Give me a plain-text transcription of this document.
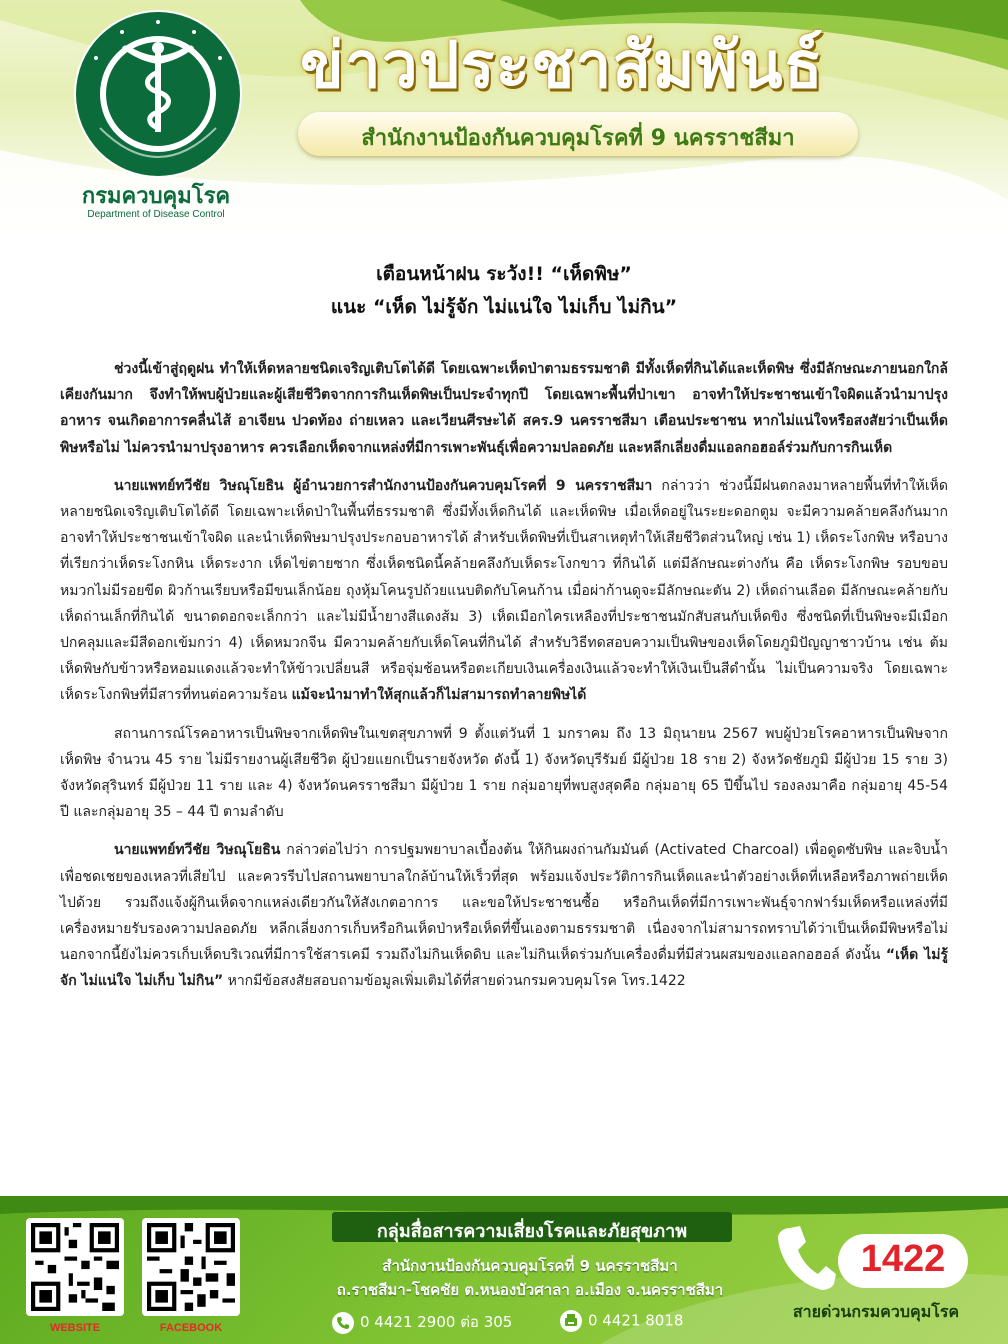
กรมควบคุมโรค
Department of Disease Control
ข่าวประชาสัมพันธ์
สำนักงานป้องกันควบคุมโรคที่ 9 นครราชสีมา
เตือนหน้าฝน ระวัง!! “เห็ดพิษ”
แนะ “เห็ด ไม่รู้จัก ไม่แน่ใจ ไม่เก็บ ไม่กิน”

ช่วงนี้เข้าสู่ฤดูฝน ทำให้เห็ดหลายชนิดเจริญเติบโตได้ดี โดยเฉพาะเห็ดป่าตามธรรมชาติ มีทั้งเห็ดที่กินได้และเห็ดพิษ ซึ่งมีลักษณะภายนอกใกล้เคียงกันมาก จึงทำให้พบผู้ป่วยและผู้เสียชีวิตจากการกินเห็ดพิษเป็นประจำทุกปี โดยเฉพาะพื้นที่ป่าเขา อาจทำให้ประชาชนเข้าใจผิดแล้วนำมาปรุงอาหาร จนเกิดอาการคลื่นไส้ อาเจียน ปวดท้อง ถ่ายเหลว และเวียนศีรษะได้ สคร.9 นครราชสีมา เตือนประชาชน หากไม่แน่ใจหรือสงสัยว่าเป็นเห็ดพิษหรือไม่ ไม่ควรนำมาปรุงอาหาร ควรเลือกเห็ดจากแหล่งที่มีการเพาะพันธุ์เพื่อความปลอดภัย และหลีกเลี่ยงดื่มแอลกอฮอล์ร่วมกับการกินเห็ด

นายแพทย์ทวีชัย วิษณุโยธิน ผู้อำนวยการสำนักงานป้องกันควบคุมโรคที่ 9 นครราชสีมา กล่าวว่า ช่วงนี้มีฝนตกลงมาหลายพื้นที่ทำให้เห็ดหลายชนิดเจริญเติบโตได้ดี โดยเฉพาะเห็ดป่าในพื้นที่ธรรมชาติ ซึ่งมีทั้งเห็ดกินได้ และเห็ดพิษ เมื่อเห็ดอยู่ในระยะดอกตูม จะมีความคล้ายคลึงกันมาก อาจทำให้ประชาชนเข้าใจผิด และนำเห็ดพิษมาปรุงประกอบอาหารได้ สำหรับเห็ดพิษที่เป็นสาเหตุทำให้เสียชีวิตส่วนใหญ่ เช่น 1) เห็ดระโงกพิษ หรือบางที่เรียกว่าเห็ดระโงกหิน เห็ดระงาก เห็ดไข่ตายซาก ซึ่งเห็ดชนิดนี้คล้ายคลึงกับเห็ดระโงกขาว ที่กินได้ แต่มีลักษณะต่างกัน คือ เห็ดระโงกพิษ รอบขอบหมวกไม่มีรอยขีด ผิวก้านเรียบหรือมีขนเล็กน้อย ถุงหุ้มโคนรูปถ้วยแนบติดกับโคนก้าน เมื่อผ่าก้านดูจะมีลักษณะตัน 2) เห็ดถ่านเลือด มีลักษณะคล้ายกับเห็ดถ่านเล็กที่กินได้ ขนาดดอกจะเล็กกว่า และไม่มีน้ำยางสีแดงส้ม 3) เห็ดเมือกไครเหลืองที่ประชาชนมักสับสนกับเห็ดขิง ซึ่งชนิดที่เป็นพิษจะมีเมือกปกคลุมและมีสีดอกเข้มกว่า 4) เห็ดหมวกจีน มีความคล้ายกับเห็ดโคนที่กินได้ สำหรับวิธีทดสอบความเป็นพิษของเห็ดโดยภูมิปัญญาชาวบ้าน เช่น ต้มเห็ดพิษกับข้าวหรือหอมแดงแล้วจะทำให้ข้าวเปลี่ยนสี หรือจุ่มช้อนหรือตะเกียบเงินเครื่องเงินแล้วจะทำให้เงินเป็นสีดำนั้น ไม่เป็นความจริง โดยเฉพาะเห็ดระโงกพิษที่มีสารที่ทนต่อความร้อน แม้จะนำมาทำให้สุกแล้วก็ไม่สามารถทำลายพิษได้

สถานการณ์โรคอาหารเป็นพิษจากเห็ดพิษในเขตสุขภาพที่ 9 ตั้งแต่วันที่ 1 มกราคม ถึง 13 มิถุนายน 2567 พบผู้ป่วยโรคอาหารเป็นพิษจากเห็ดพิษ จำนวน 45 ราย ไม่มีรายงานผู้เสียชีวิต ผู้ป่วยแยกเป็นรายจังหวัด ดังนี้ 1) จังหวัดบุรีรัมย์ มีผู้ป่วย 18 ราย 2) จังหวัดชัยภูมิ มีผู้ป่วย 15 ราย 3) จังหวัดสุรินทร์ มีผู้ป่วย 11 ราย และ 4) จังหวัดนครราชสีมา มีผู้ป่วย 1 ราย กลุ่มอายุที่พบสูงสุดคือ กลุ่มอายุ 65 ปีขึ้นไป รองลงมาคือ กลุ่มอายุ 45-54 ปี และกลุ่มอายุ 35 – 44 ปี ตามลำดับ

นายแพทย์ทวีชัย วิษณุโยธิน กล่าวต่อไปว่า การปฐมพยาบาลเบื้องต้น ให้กินผงถ่านกัมมันต์ (Activated Charcoal) เพื่อดูดซับพิษ และจิบน้ำเพื่อชดเชยของเหลวที่เสียไป และควรรีบไปสถานพยาบาลใกล้บ้านให้เร็วที่สุด พร้อมแจ้งประวัติการกินเห็ดและนำตัวอย่างเห็ดที่เหลือหรือภาพถ่ายเห็ดไปด้วย รวมถึงแจ้งผู้กินเห็ดจากแหล่งเดียวกันให้สังเกตอาการ และขอให้ประชาชนซื้อ หรือกินเห็ดที่มีการเพาะพันธุ์จากฟาร์มเห็ดหรือแหล่งที่มีเครื่องหมายรับรองความปลอดภัย หลีกเลี่ยงการเก็บหรือกินเห็ดป่าหรือเห็ดที่ขึ้นเองตามธรรมชาติ เนื่องจากไม่สามารถทราบได้ว่าเป็นเห็ดมีพิษหรือไม่ นอกจากนี้ยังไม่ควรเก็บเห็ดบริเวณที่มีการใช้สารเคมี รวมถึงไม่กินเห็ดดิบ และไม่กินเห็ดร่วมกับเครื่องดื่มที่มีส่วนผสมของแอลกอฮอล์ ดังนั้น “เห็ด ไม่รู้จัก ไม่แน่ใจ ไม่เก็บ ไม่กิน” หากมีข้อสงสัยสอบถามข้อมูลเพิ่มเติมได้ที่สายด่วนกรมควบคุมโรค โทร.1422

WEBSITE	FACEBOOK
กลุ่มสื่อสารความเสี่ยงโรคและภัยสุขภาพ
สำนักงานป้องกันควบคุมโรคที่ 9 นครราชสีมา
ถ.ราชสีมา-โชคชัย ต.หนองบัวศาลา อ.เมือง จ.นครราชสีมา
0 4421 2900 ต่อ 305	0 4421 8018
1422
สายด่วนกรมควบคุมโรค
